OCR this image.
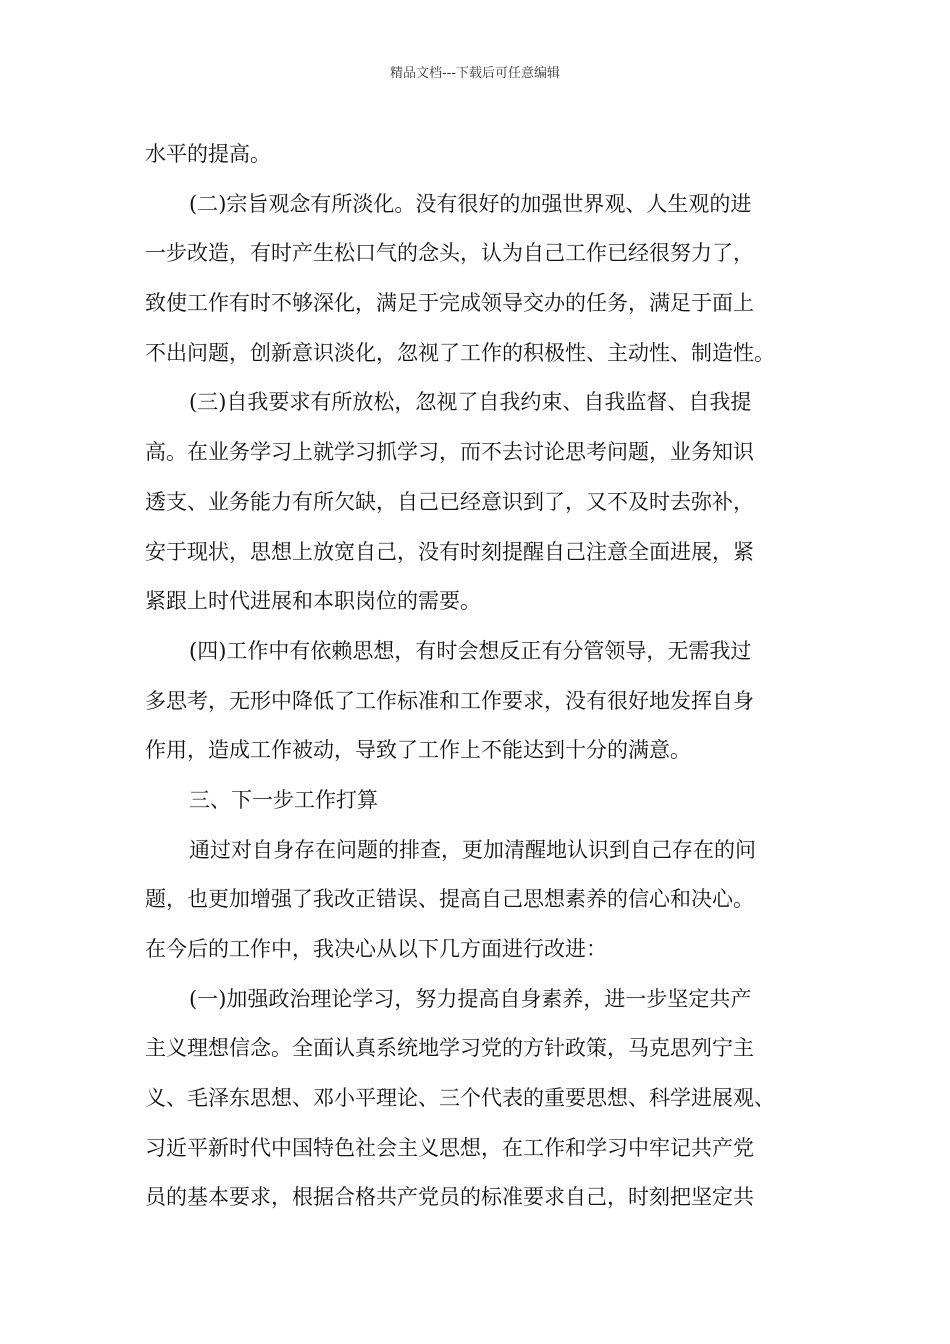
精品文档---下载后可任意编辑
水平的提高。
(二)宗旨观念有所淡化。没有很好的加强世界观、人生观的进
一步改造，有时产生松口气的念头，认为自己工作已经很努力了，
致使工作有时不够深化，满足于完成领导交办的任务，满足于面上
不出问题，创新意识淡化，忽视了工作的积极性、主动性、制造性。
(三)自我要求有所放松，忽视了自我约束、自我监督、自我提
高。在业务学习上就学习抓学习，而不去讨论思考问题，业务知识
透支、业务能力有所欠缺，自己已经意识到了，又不及时去弥补，
安于现状，思想上放宽自己，没有时刻提醒自己注意全面进展，紧
紧跟上时代进展和本职岗位的需要。
(四)工作中有依赖思想，有时会想反正有分管领导，无需我过
多思考，无形中降低了工作标准和工作要求，没有很好地发挥自身
作用，造成工作被动，导致了工作上不能达到十分的满意。
三、下一步工作打算
通过对自身存在问题的排查，更加清醒地认识到自己存在的问
题，也更加增强了我改正错误、提高自己思想素养的信心和决心。
在今后的工作中，我决心从以下几方面进行改进：
(一)加强政治理论学习，努力提高自身素养，进一步坚定共产
主义理想信念。全面认真系统地学习党的方针政策，马克思列宁主
义、毛泽东思想、邓小平理论、三个代表的重要思想、科学进展观、
习近平新时代中国特色社会主义思想，在工作和学习中牢记共产党
员的基本要求，根据合格共产党员的标准要求自己，时刻把坚定共
